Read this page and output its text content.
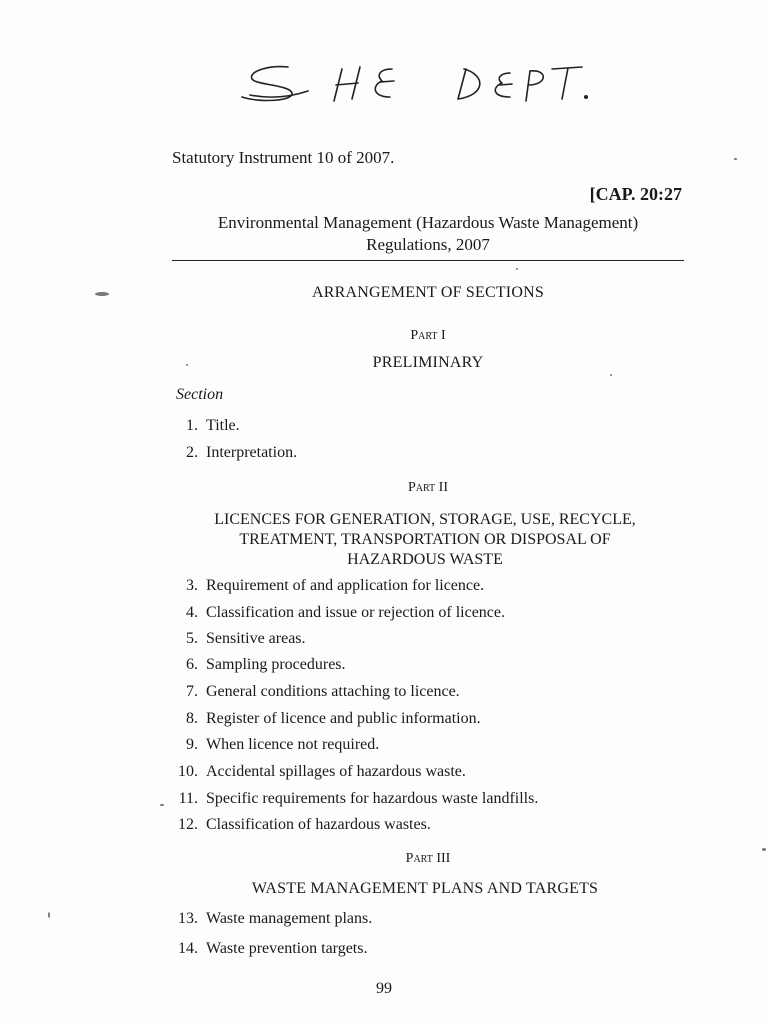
Statutory Instrument 10 of 2007.
[CAP. 20:27
Environmental Management (Hazardous Waste Management)
Regulations, 2007
ARRANGEMENT OF SECTIONS
Part I
PRELIMINARY
Section
1. Title.
2. Interpretation.
Part II
LICENCES FOR GENERATION, STORAGE, USE, RECYCLE,
TREATMENT, TRANSPORTATION OR DISPOSAL OF
HAZARDOUS WASTE
3. Requirement of and application for licence.
4. Classification and issue or rejection of licence.
5. Sensitive areas.
6. Sampling procedures.
7. General conditions attaching to licence.
8. Register of licence and public information.
9. When licence not required.
10. Accidental spillages of hazardous waste.
11. Specific requirements for hazardous waste landfills.
12. Classification of hazardous wastes.
Part III
WASTE MANAGEMENT PLANS AND TARGETS
13. Waste management plans.
14. Waste prevention targets.
99
